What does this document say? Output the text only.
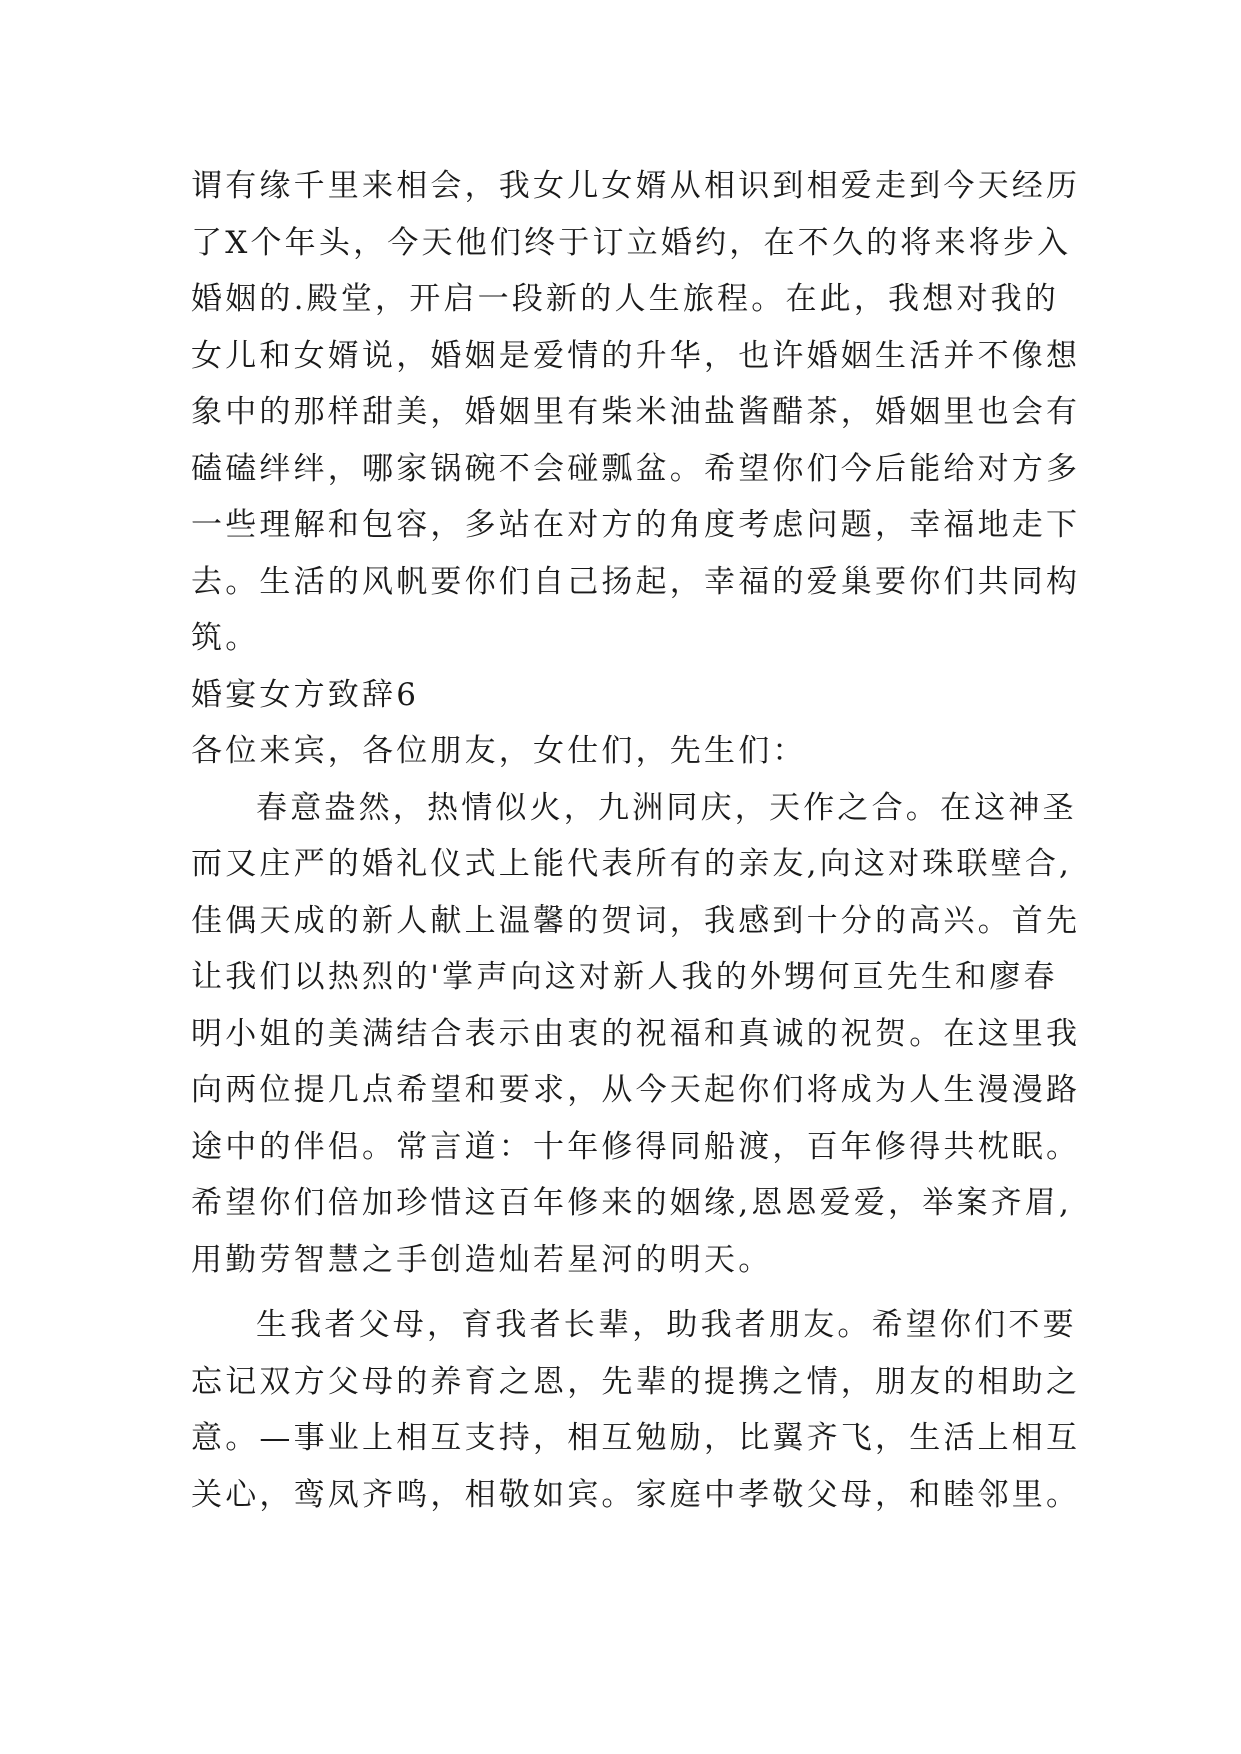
谓有缘千里来相会，我女儿女婿从相识到相爱走到今天经历
了X个年头，今天他们终于订立婚约，在不久的将来将步入
婚姻的.殿堂，开启一段新的人生旅程。在此，我想对我的
女儿和女婿说，婚姻是爱情的升华，也许婚姻生活并不像想
象中的那样甜美，婚姻里有柴米油盐酱醋茶，婚姻里也会有
磕磕绊绊，哪家锅碗不会碰瓢盆。希望你们今后能给对方多
一些理解和包容，多站在对方的角度考虑问题，幸福地走下
去。生活的风帆要你们自己扬起，幸福的爱巢要你们共同构
筑。
婚宴女方致辞6
各位来宾，各位朋友，女仕们，先生们：
春意盎然，热情似火，九洲同庆，天作之合。在这神圣
而又庄严的婚礼仪式上能代表所有的亲友,向这对珠联壁合,
佳偶天成的新人献上温馨的贺词，我感到十分的高兴。首先
让我们以热烈的'掌声向这对新人我的外甥何亘先生和廖春
明小姐的美满结合表示由衷的祝福和真诚的祝贺。在这里我
向两位提几点希望和要求，从今天起你们将成为人生漫漫路
途中的伴侣。常言道：十年修得同船渡，百年修得共枕眠。
希望你们倍加珍惜这百年修来的姻缘,恩恩爱爱，举案齐眉,
用勤劳智慧之手创造灿若星河的明天。
生我者父母，育我者长辈，助我者朋友。希望你们不要
忘记双方父母的养育之恩，先辈的提携之情，朋友的相助之
意。—事业上相互支持，相互勉励，比翼齐飞，生活上相互
关心，鸾凤齐鸣，相敬如宾。家庭中孝敬父母，和睦邻里。
